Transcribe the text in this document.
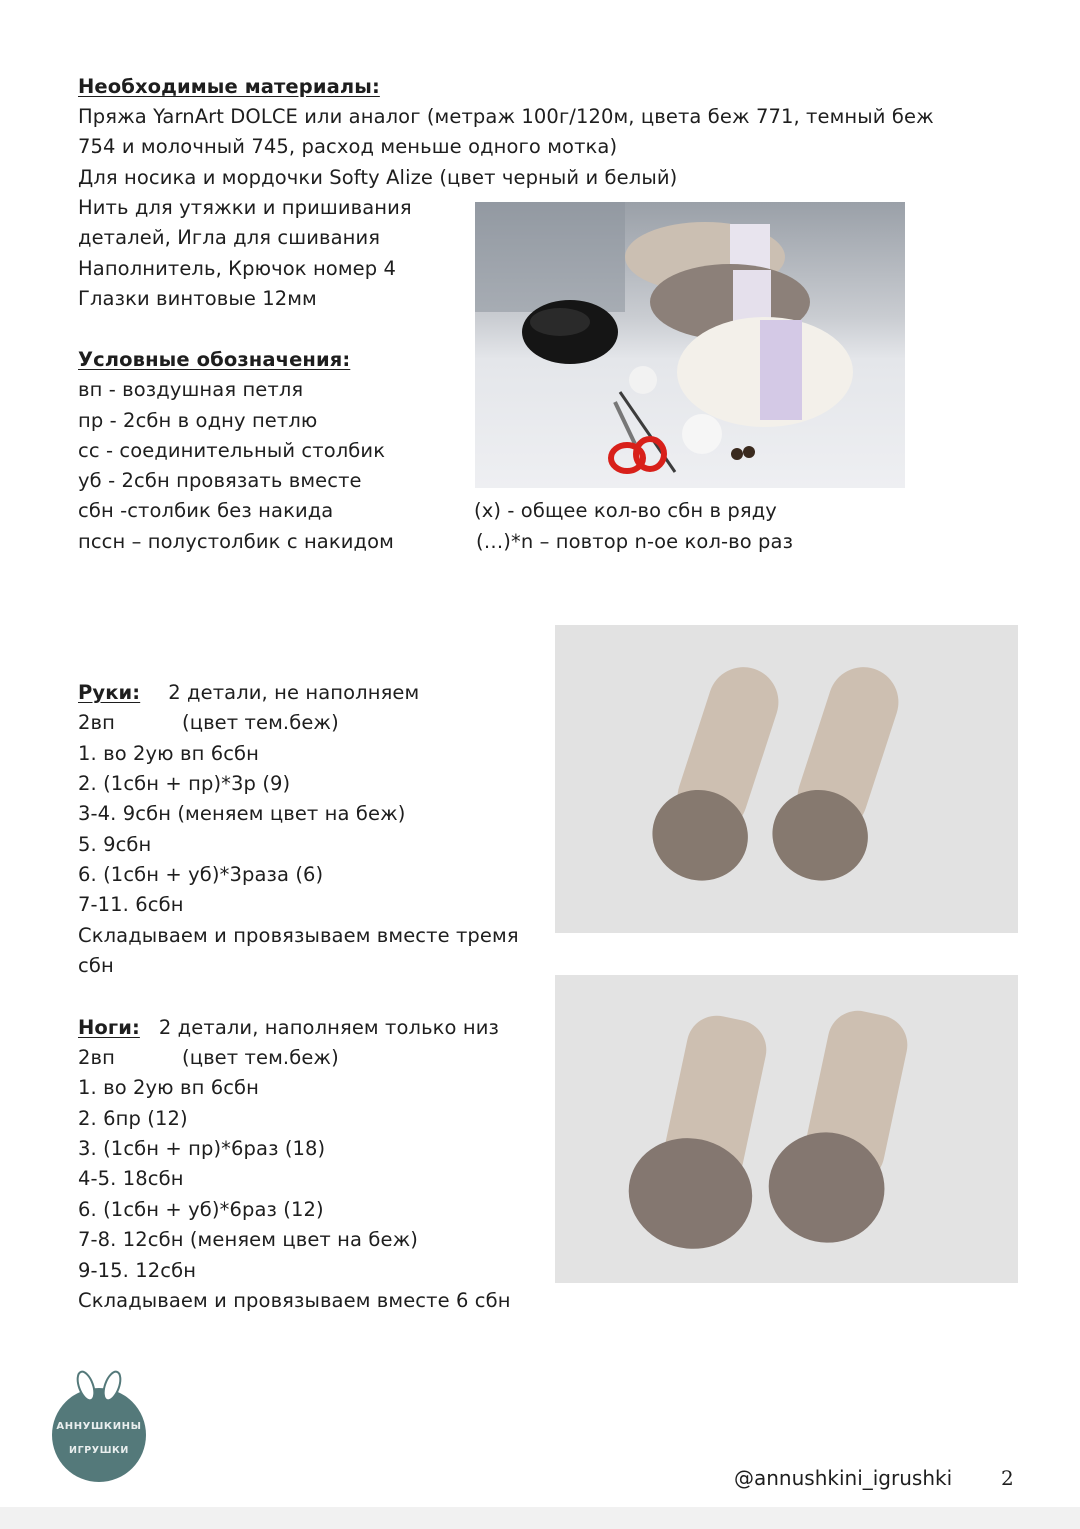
Необходимые материалы:
Пряжа YarnArt DOLCE или аналог (метраж 100г/120м, цвета беж 771, темный беж
754 и молочный 745, расход меньше одного мотка)
Для носика и мордочки Softy Alize (цвет черный и белый)
Нить для утяжки и пришивания
деталей, Игла для сшивания
Наполнитель, Крючок номер 4
Глазки винтовые 12мм
Условные обозначения:
вп - воздушная петля
пр - 2сбн в одну петлю
сс - соединительный столбик
уб - 2сбн провязать вместе
сбн -столбик без накида
пссн – полустолбик с накидом
(х) - общее кол-во сбн в ряду
(…)*n – повтор n-ое кол-во раз
Руки: 2 детали, не наполняем
2вп	(цвет тем.беж)
1. во 2ую вп 6сбн
2. (1сбн + пр)*3р (9)
3-4. 9сбн (меняем цвет на беж)
5. 9сбн
6. (1сбн + уб)*3раза (6)
7-11. 6сбн
Складываем и провязываем вместе тремя
сбн
Ноги: 2 детали, наполняем только низ
2вп	(цвет тем.беж)
1. во 2ую вп 6сбн
2. 6пр (12)
3. (1сбн + пр)*6раз (18)
4-5. 18сбн
6. (1сбн + уб)*6раз (12)
7-8. 12сбн (меняем цвет на беж)
9-15. 12сбн
Складываем и провязываем вместе 6 сбн
АННУШКИНЫ
ИГРУШКИ
@annushkini_igrushki 2
